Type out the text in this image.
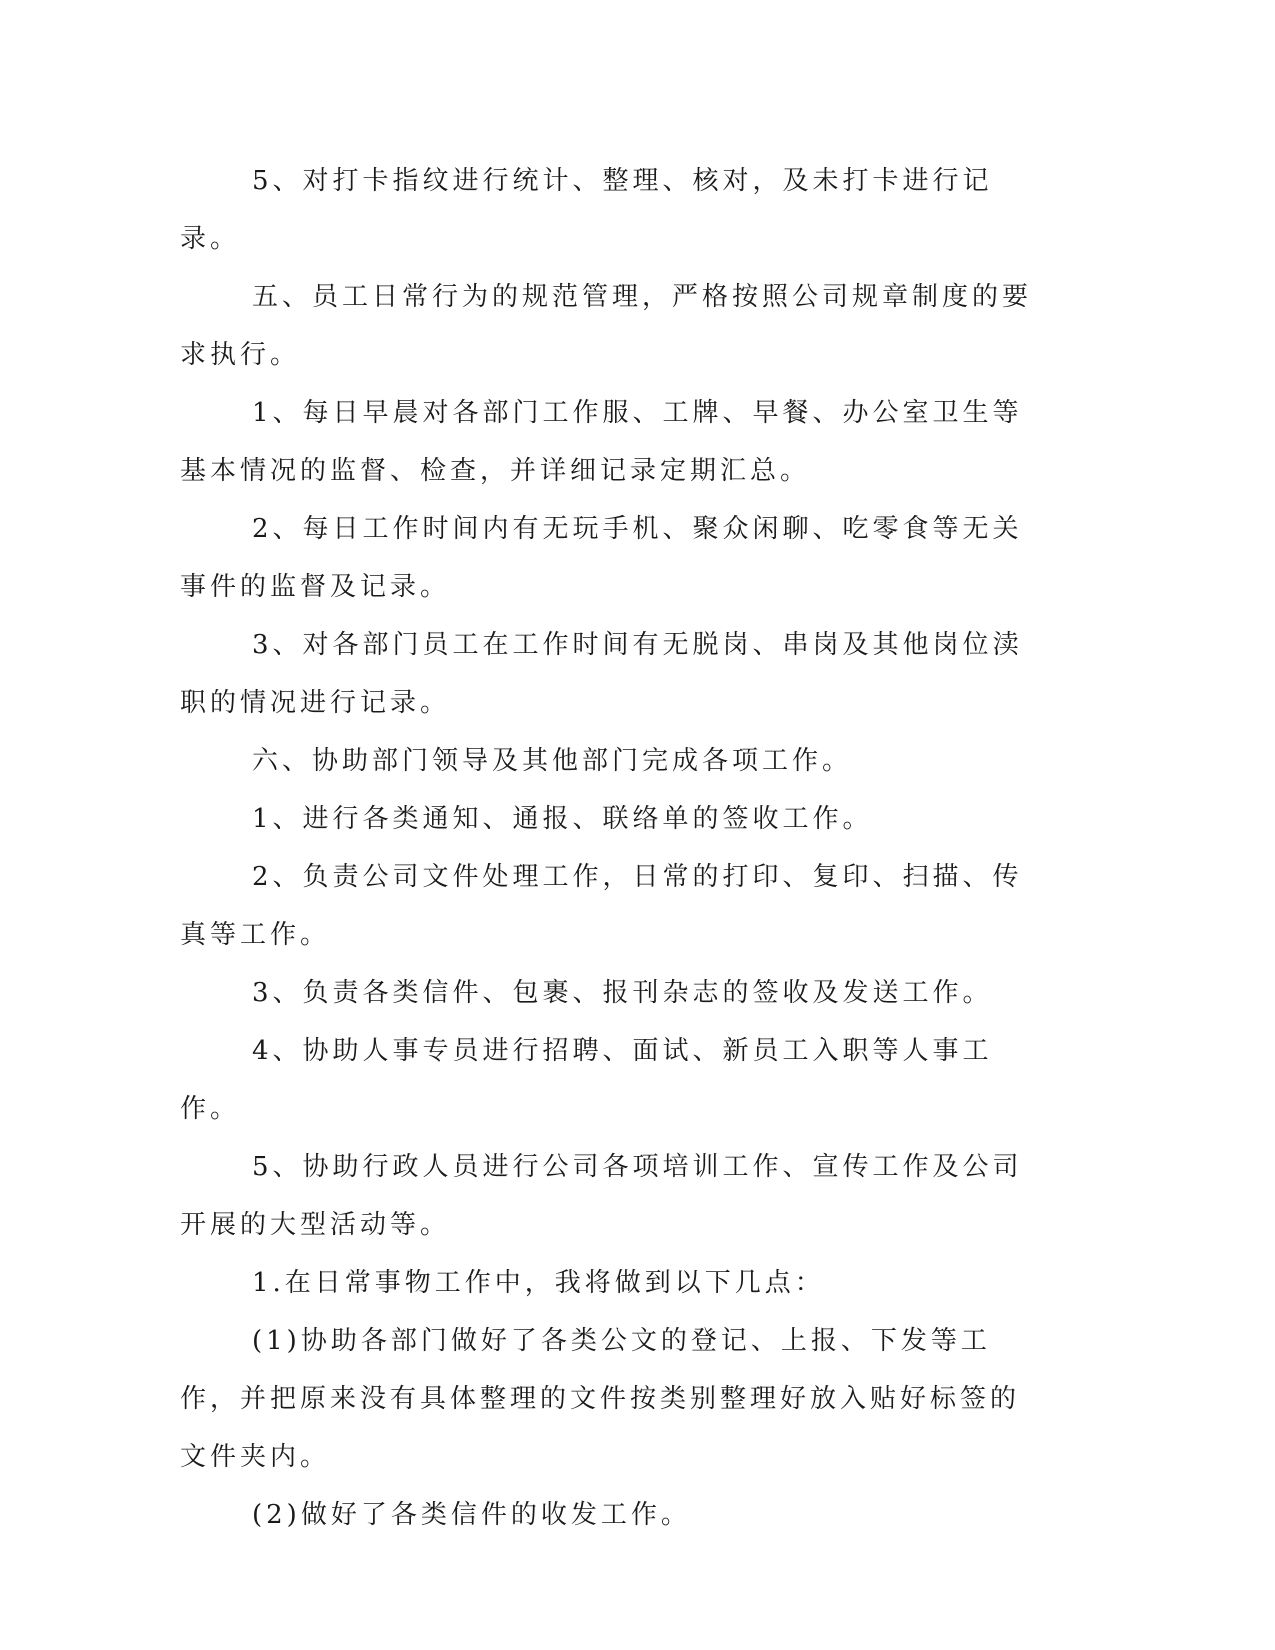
5、对打卡指纹进行统计、整理、核对，及未打卡进行记录。

五、员工日常行为的规范管理，严格按照公司规章制度的要求执行。

1、每日早晨对各部门工作服、工牌、早餐、办公室卫生等基本情况的监督、检查，并详细记录定期汇总。

2、每日工作时间内有无玩手机、聚众闲聊、吃零食等无关事件的监督及记录。

3、对各部门员工在工作时间有无脱岗、串岗及其他岗位渎职的情况进行记录。

六、协助部门领导及其他部门完成各项工作。

1、进行各类通知、通报、联络单的签收工作。

2、负责公司文件处理工作，日常的打印、复印、扫描、传真等工作。

3、负责各类信件、包裹、报刊杂志的签收及发送工作。

4、协助人事专员进行招聘、面试、新员工入职等人事工作。

5、协助行政人员进行公司各项培训工作、宣传工作及公司开展的大型活动等。

1.在日常事物工作中，我将做到以下几点：

(1)协助各部门做好了各类公文的登记、上报、下发等工作，并把原来没有具体整理的文件按类别整理好放入贴好标签的文件夹内。

(2)做好了各类信件的收发工作。
